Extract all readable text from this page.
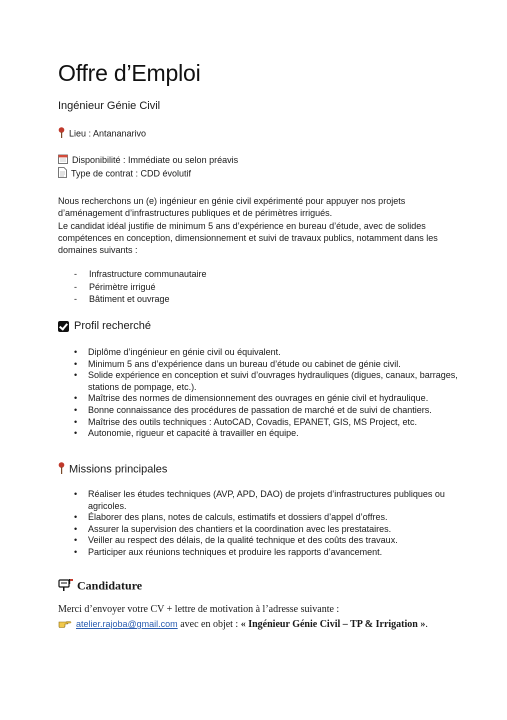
Offre d’Emploi
Ingénieur Génie Civil
Lieu : Antananarivo
Disponibilité : Immédiate ou selon préavis
Type de contrat : CDD évolutif
Nous recherchons un (e) ingénieur en génie civil expérimenté pour appuyer nos projets d’aménagement d’infrastructures publiques et de périmètres irrigués.
Le candidat idéal justifie de minimum 5 ans d’expérience en bureau d’étude, avec de solides compétences en conception, dimensionnement et suivi de travaux publics, notamment dans les domaines suivants :
- Infrastructure communautaire
- Périmètre irrigué
- Bâtiment et ouvrage
Profil recherché
• Diplôme d’ingénieur en génie civil ou équivalent.
• Minimum 5 ans d’expérience dans un bureau d’étude ou cabinet de génie civil.
• Solide expérience en conception et suivi d’ouvrages hydrauliques (digues, canaux, barrages, stations de pompage, etc.).
• Maîtrise des normes de dimensionnement des ouvrages en génie civil et hydraulique.
• Bonne connaissance des procédures de passation de marché et de suivi de chantiers.
• Maîtrise des outils techniques : AutoCAD, Covadis, EPANET, GIS, MS Project, etc.
• Autonomie, rigueur et capacité à travailler en équipe.
Missions principales
• Réaliser les études techniques (AVP, APD, DAO) de projets d’infrastructures publiques ou agricoles.
• Élaborer des plans, notes de calculs, estimatifs et dossiers d’appel d’offres.
• Assurer la supervision des chantiers et la coordination avec les prestataires.
• Veiller au respect des délais, de la qualité technique et des coûts des travaux.
• Participer aux réunions techniques et produire les rapports d’avancement.
Candidature
Merci d’envoyer votre CV + lettre de motivation à l’adresse suivante :
atelier.rajoba@gmail.com avec en objet : « Ingénieur Génie Civil – TP & Irrigation ».
